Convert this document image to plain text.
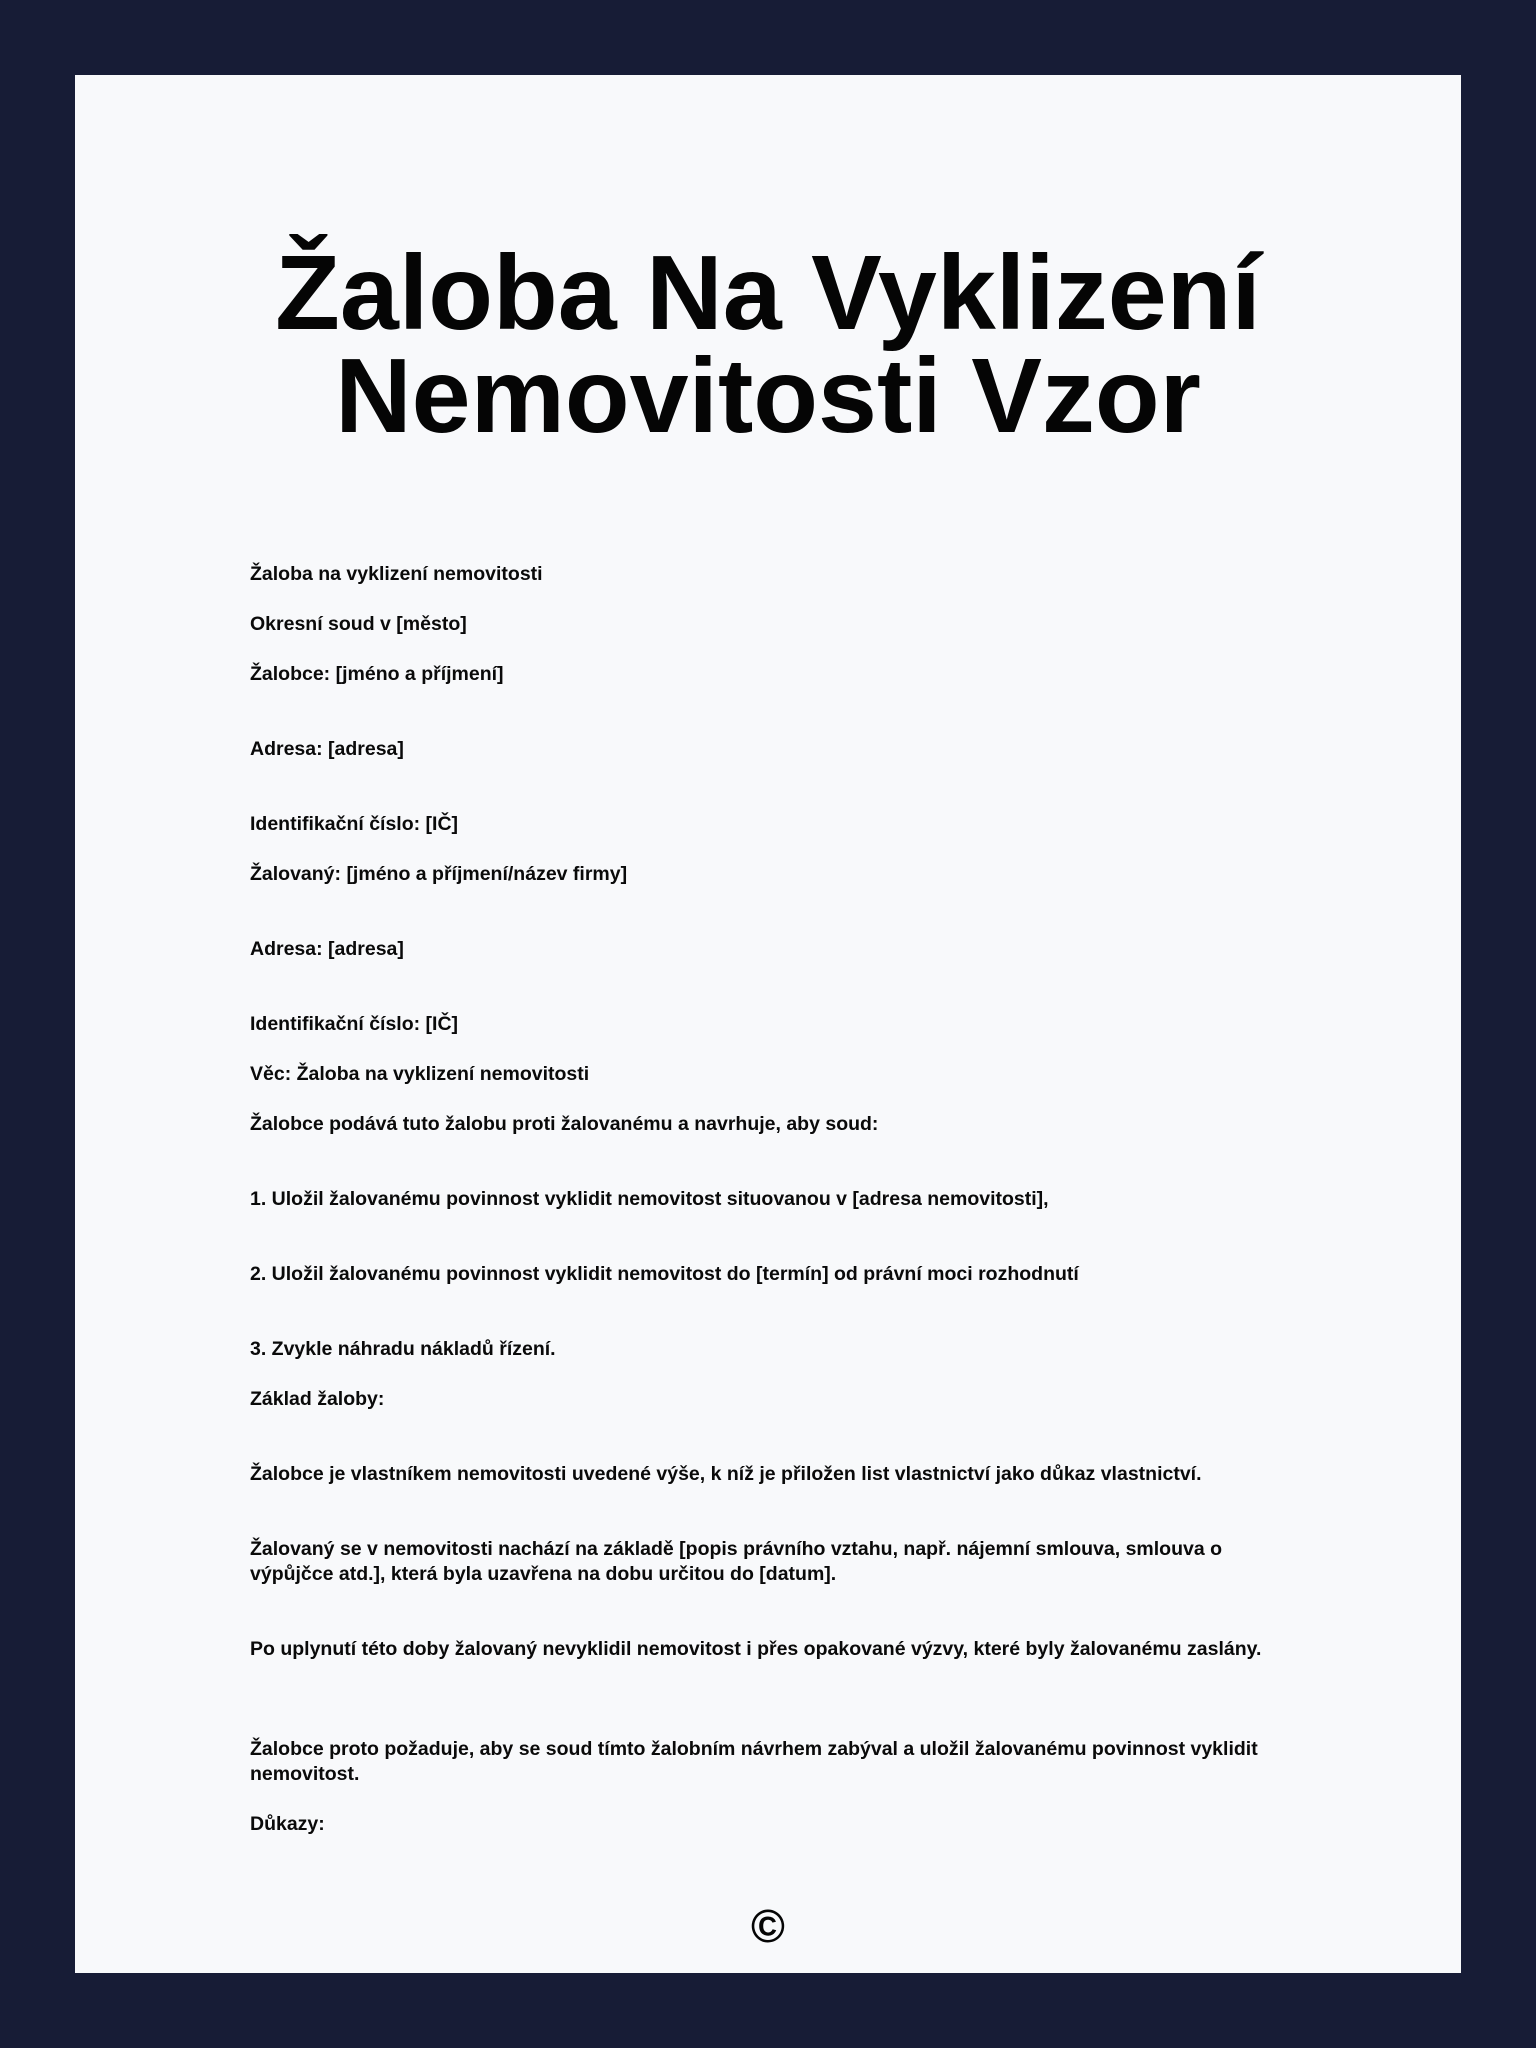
Žaloba Na Vyklizení
Nemovitosti Vzor

Žaloba na vyklizení nemovitosti

Okresní soud v [město]

Žalobce: [jméno a příjmení]

Adresa: [adresa]

Identifikační číslo: [IČ]

Žalovaný: [jméno a příjmení/název firmy]

Adresa: [adresa]

Identifikační číslo: [IČ]

Věc: Žaloba na vyklizení nemovitosti

Žalobce podává tuto žalobu proti žalovanému a navrhuje, aby soud:

1. Uložil žalovanému povinnost vyklidit nemovitost situovanou v [adresa nemovitosti],

2. Uložil žalovanému povinnost vyklidit nemovitost do [termín] od právní moci rozhodnutí

3. Zvykle náhradu nákladů řízení.

Základ žaloby:

Žalobce je vlastníkem nemovitosti uvedené výše, k níž je přiložen list vlastnictví jako důkaz vlastnictví.

Žalovaný se v nemovitosti nachází na základě [popis právního vztahu, např. nájemní smlouva, smlouva o výpůjčce atd.], která byla uzavřena na dobu určitou do [datum].

Po uplynutí této doby žalovaný nevyklidil nemovitost i přes opakované výzvy, které byly žalovanému zaslány.

Žalobce proto požaduje, aby se soud tímto žalobním návrhem zabýval a uložil žalovanému povinnost vyklidit nemovitost.

Důkazy:

©
